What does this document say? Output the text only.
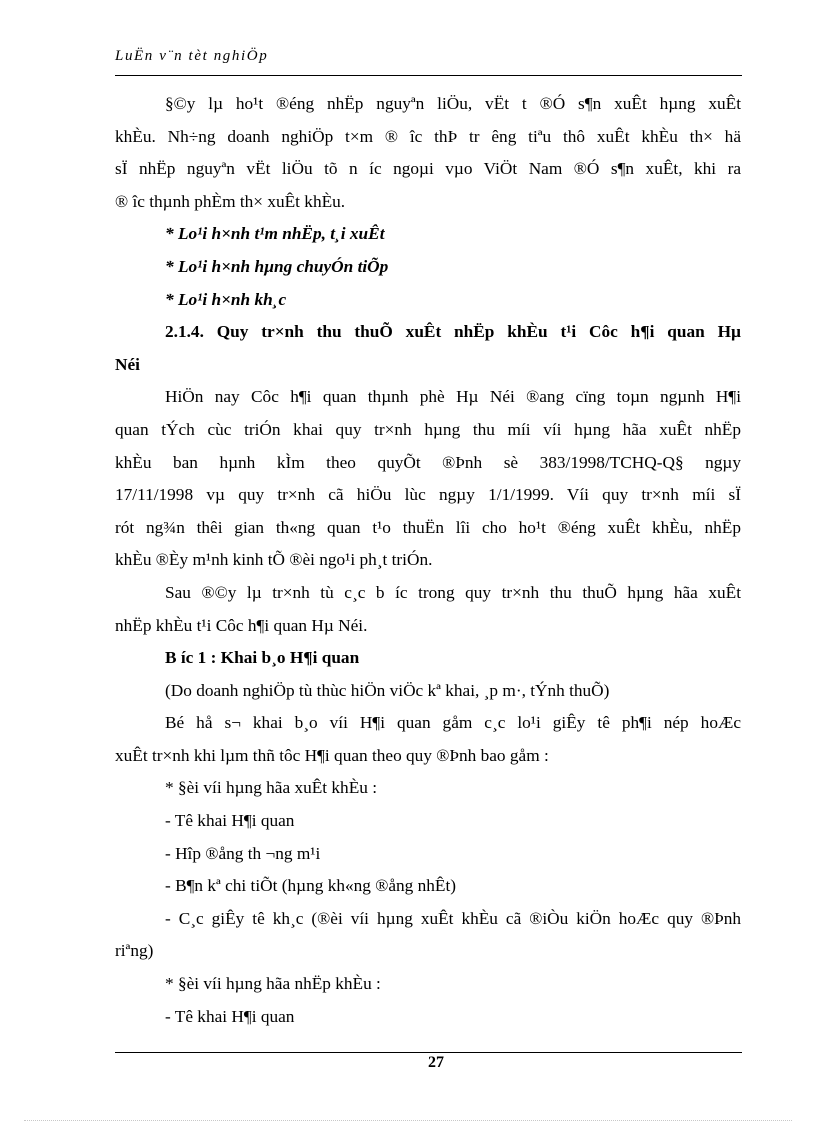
LuËn v¨n tèt nghiÖp
§©y lµ ho¹t ®éng nhËp nguyªn liÖu, vËt t ®Ó s¶n xuÊt hµng xuÊt
khÈu. Nh÷ng doanh nghiÖp t×m ® îc thÞ tr êng tiªu thô xuÊt khÈu th× hä
sÏ nhËp nguyªn vËt liÖu tõ n íc ngoµi vµo ViÖt Nam ®Ó s¶n xuÊt, khi ra
® îc thµnh phÈm th× xuÊt khÈu.
* Lo¹i h×nh t¹m nhËp, t¸i xuÊt
* Lo¹i h×nh hµng chuyÓn tiÕp
* Lo¹i h×nh kh¸c
2.1.4. Quy tr×nh thu thuÕ xuÊt nhËp khÈu t¹i Côc h¶i quan Hµ
Néi
HiÖn nay Côc h¶i quan thµnh phè Hµ Néi ®ang cïng toµn ngµnh H¶i
quan tÝch cùc triÓn khai quy tr×nh hµng thu míi víi hµng hãa xuÊt nhËp
khÈu ban hµnh kÌm theo quyÕt ®Þnh sè 383/1998/TCHQ-Q§ ngµy
17/11/1998 vµ quy tr×nh cã hiÖu lùc ngµy 1/1/1999. Víi quy tr×nh míi sÏ
rót ng¾n thêi gian th«ng quan t¹o thuËn lîi cho ho¹t ®éng xuÊt khÈu, nhËp
khÈu ®Èy m¹nh kinh tÕ ®èi ngo¹i ph¸t triÓn.
Sau ®©y lµ tr×nh tù c¸c b íc trong quy tr×nh thu thuÕ hµng hãa xuÊt
nhËp khÈu t¹i Côc h¶i quan Hµ Néi.
B íc 1 : Khai b¸o H¶i quan
(Do doanh nghiÖp tù thùc hiÖn viÖc kª khai, ¸p m·, tÝnh thuÕ)
Bé hå s¬ khai b¸o víi H¶i quan gåm c¸c lo¹i giÊy tê ph¶i nép hoÆc
xuÊt tr×nh khi lµm thñ tôc H¶i quan theo quy ®Þnh bao gåm :
* §èi víi hµng hãa xuÊt khÈu :
- Tê khai H¶i quan
- Hîp ®ång th ¬ng m¹i
- B¶n kª chi tiÕt (hµng kh«ng ®ång nhÊt)
- C¸c giÊy tê kh¸c (®èi víi hµng xuÊt khÈu cã ®iÒu kiÖn hoÆc quy ®Þnh
riªng)
* §èi víi hµng hãa nhËp khÈu :
- Tê khai H¶i quan
27
